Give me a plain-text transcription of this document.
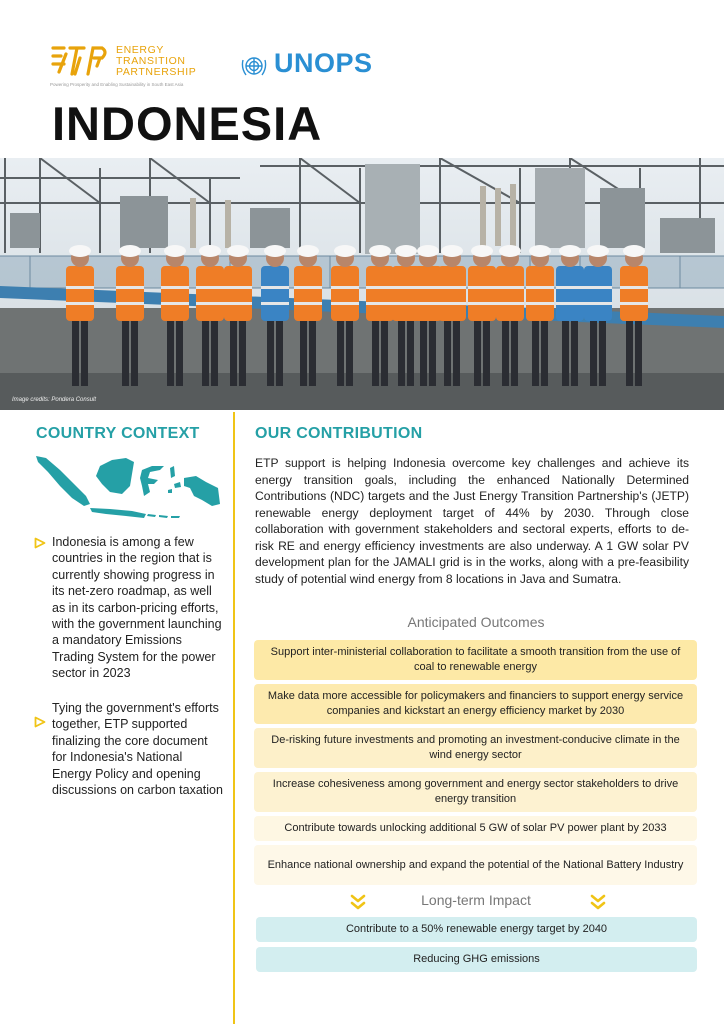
ENERGY
TRANSITION
PARTNERSHIP
Powering Prosperity and Enabling Sustainability in South East Asia
UNOPS
INDONESIA
Image credits: Pondera Consult
COUNTRY CONTEXT

Indonesia is among a few countries in the region that is currently showing progress in its net-zero roadmap, as well as in its carbon-pricing efforts, with the government launching a mandatory Emissions Trading System for the power sector in 2023

Tying the government's efforts together, ETP supported finalizing the core document for Indonesia's National Energy Policy and opening discussions on carbon taxation

OUR CONTRIBUTION

ETP support is helping Indonesia overcome key challenges and achieve its energy transition goals, including the enhanced Nationally Determined Contributions (NDC) targets and the Just Energy Transition Partnership's (JETP) renewable energy deployment target of 44% by 2030. Through close collaboration with government stakeholders and sectoral experts, efforts to de-risk RE and energy efficiency investments are also underway. A 1 GW solar PV development plan for the JAMALI grid is in the works, along with a pre-feasibility study of potential wind energy from 8 locations in Java and Sumatra.

Anticipated Outcomes
Support inter-ministerial collaboration to facilitate a smooth transition from the use of coal to renewable energy
Make data more accessible for policymakers and financiers to support energy service companies and kickstart an energy efficiency market by 2030
De-risking future investments and promoting an investment-conducive climate in the wind energy sector
Increase cohesiveness among government and energy sector stakeholders to drive energy transition
Contribute towards unlocking additional 5 GW of solar PV power plant by 2033
Enhance national ownership and expand the potential of the National Battery Industry
Long-term Impact
Contribute to a 50% renewable energy target by 2040
Reducing GHG emissions
